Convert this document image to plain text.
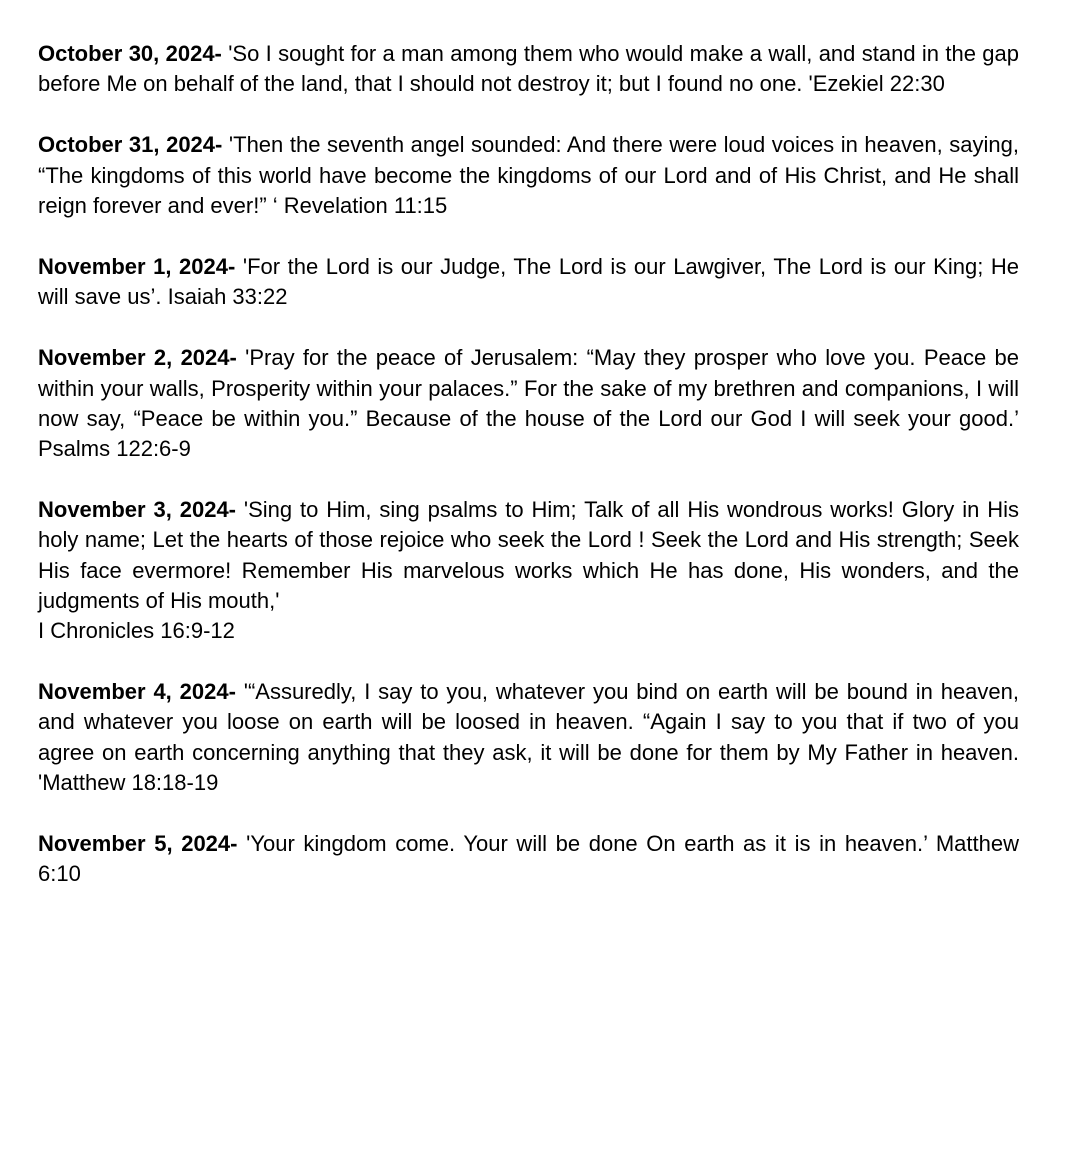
October 30, 2024- 'So I sought for a man among them who would make a wall, and stand in the gap before Me on behalf of the land, that I should not destroy it; but I found no one. 'Ezekiel 22:30

October 31, 2024- 'Then the seventh angel sounded: And there were loud voices in heaven, saying, “The kingdoms of this world have become the kingdoms of our Lord and of His Christ, and He shall reign forever and ever!” ‘ Revelation 11:15

November 1, 2024- 'For the Lord is our Judge, The Lord is our Lawgiver, The Lord is our King; He will save us’. Isaiah 33:22

November 2, 2024- 'Pray for the peace of Jerusalem: “May they prosper who love you. Peace be within your walls, Prosperity within your palaces.” For the sake of my brethren and companions, I will now say, “Peace be within you.” Because of the house of the Lord our God I will seek your good.’ Psalms 122:6-9

November 3, 2024- 'Sing to Him, sing psalms to Him; Talk of all His wondrous works! Glory in His holy name; Let the hearts of those rejoice who seek the Lord ! Seek the Lord and His strength; Seek His face evermore! Remember His marvelous works which He has done, His wonders, and the judgments of His mouth,'
I Chronicles 16:9-12

November 4, 2024- '“Assuredly, I say to you, whatever you bind on earth will be bound in heaven, and whatever you loose on earth will be loosed in heaven. “Again I say to you that if two of you agree on earth concerning anything that they ask, it will be done for them by My Father in heaven. 'Matthew 18:18-19

November 5, 2024- 'Your kingdom come. Your will be done On earth as it is in heaven.’ Matthew 6:10
